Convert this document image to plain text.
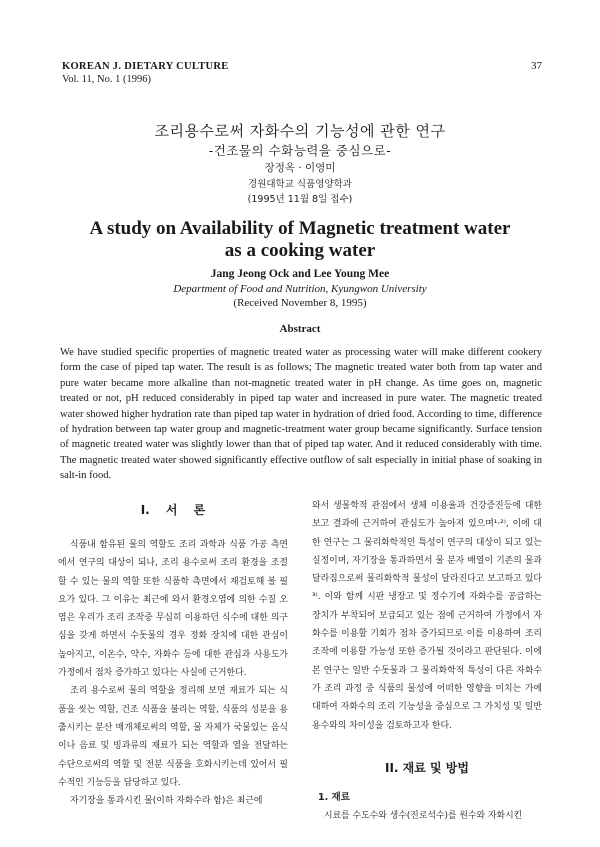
KOREAN J. DIETARY CULTURE
Vol. 11, No. 1 (1996)
37
조리용수로써 자화수의 기능성에 관한 연구
-건조물의 수화능력을 중심으로-
장정옥 · 이영미
경원대학교 식품영양학과
(1995년 11월 8일 접수)
A study on Availability of Magnetic treatment water
as a cooking water
Jang Jeong Ock and Lee Young Mee
Department of Food and Nutrition, Kyungwon University
(Received November 8, 1995)
Abstract

We have studied specific properties of magnetic treated water as processing water will make different cookery form the case of piped tap water. The result is as follows; The magnetic treated water both from tap water and pure water became more alkaline than not-magnetic treated water in pH change. As time goes on, magnetic treated or not, pH reduced considerably in piped tap water and increased in pure water. The magnetic treated water showed higher hydration rate than piped tap water in hydration of dried food. According to time, difference of hydration between tap water group and magnetic-treatment water group became significantly. Surface tension of magnetic treated water was slightly lower than that of piped tap water. And it reduced considerably with time. The magnetic treated water showed significantly effective outflow of salt especially in initial phase of soaking in salt-in food.

I. 서 론

식품내 함유된 물의 역할도 조리 과학과 식품 가공 측면에서 연구의 대상이 되나, 조리 용수로써 조리 환경을 조절할 수 있는 물의 역할 또한 식품학 측면에서 재검토해 볼 필요가 있다. 그 이유는 최근에 와서 환경오염에 의한 수질 오염은 우리가 조리 조작중 무심히 이용하던 식수에 대한 의구심을 갖게 하면서 수돗물의 경우 정화 장치에 대한 관심이 높아지고, 이온수, 약수, 자화수 등에 대한 관심과 사용도가 가정에서 점차 증가하고 있다는 사실에 근거한다.

조리 용수로써 물의 역할을 정리해 보면 재료가 되는 식품을 씻는 역할, 건조 식품을 불리는 역할, 식품의 성분을 용출시키는 분산 매개체로써의 역할, 물 자체가 국물있는 음식이나 음료 및 빙과류의 재료가 되는 역할과 열을 전달하는 수단으로써의 역할 및 전분 식품을 호화시키는데 있어서 필수적인 기능등을 담당하고 있다.

자기장을 통과시킨 물(이하 자화수라 함)은 최근에

와서 생물학적 관점에서 생체 이용율과 건강증진등에 대한 보고 결과에 근거하여 관심도가 높아져 있으며¹·²⁾, 이에 대한 연구는 그 물리화학적인 특성이 연구의 대상이 되고 있는 실정이며, 자기장을 통과하면서 물 분자 배열이 기존의 물과 달라짐으로써 물리화학적 물성이 달라진다고 보고하고 있다³⁾. 이와 함께 시판 냉장고 및 정수기에 자화수를 공급하는 장치가 부착되어 보급되고 있는 점에 근거하여 가정에서 자화수를 이용할 기회가 점차 증가되므로 이를 이용하여 조리 조작에 이용할 가능성 또한 증가될 것이라고 판단된다. 이에 본 연구는 일반 수돗물과 그 물리화학적 특성이 다른 자화수가 조리 과정 중 식품의 물성에 어떠한 영향을 미치는 가에 대하여 자화수의 조리 기능성을 중심으로 그 가치성 및 일반 용수와의 차이성을 검토하고자 한다.

II. 재료 및 방법
1. 재료

시료를 수도수와 생수(진로석수)를 원수와 자화시킨
